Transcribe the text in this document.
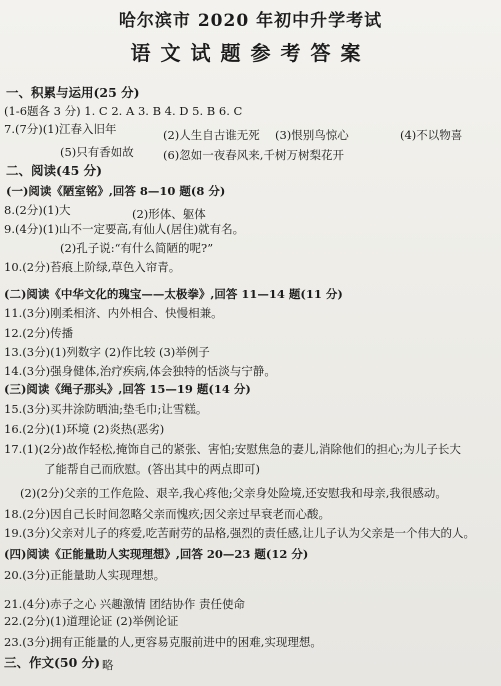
哈尔滨市 2020 年初中升学考试
语文试题参考答案
一、积累与运用(25 分)
(1-6题各 3 分) 1. C 2. A 3. B 4. D 5. B 6. C
7.(7分)(1)江春入旧年	(2)人生自古谁无死 (3)恨别鸟惊心	(4)不以物喜
(5)只有香如故	(6)忽如一夜春风来,千树万树梨花开
二、阅读(45 分)
(一)阅读《陋室铭》,回答 8—10 题(8 分)
8.(2分)(1)大	(2)形体、躯体
9.(4分)(1)山不一定要高,有仙人(居住)就有名。
(2)孔子说:“有什么简陋的呢?”
10.(2分)苔痕上阶绿,草色入帘青。
(二)阅读《中华文化的瑰宝——太极拳》,回答 11—14 题(11 分)
11.(3分)刚柔相济、内外相合、快慢相兼。
12.(2分)传播
13.(3分)(1)列数字 (2)作比较 (3)举例子
14.(3分)强身健体,治疗疾病,体会独特的恬淡与宁静。
(三)阅读《绳子那头》,回答 15—19 题(14 分)
15.(3分)买井涂防晒油;垫毛巾;让雪糕。
16.(2分)(1)环境 (2)炎热(恶劣)
17.(1)(2分)故作轻松,掩饰自己的紧张、害怕;安慰焦急的妻儿,消除他们的担心;为儿子长大
了能帮自己而欣慰。(答出其中的两点即可)
(2)(2分)父亲的工作危险、艰辛,我心疼他;父亲身处险境,还安慰我和母亲,我很感动。
18.(2分)因自己长时间忽略父亲而愧疚;因父亲过早衰老而心酸。
19.(3分)父亲对儿子的疼爱,吃苦耐劳的品格,强烈的责任感,让儿子认为父亲是一个伟大的人。
(四)阅读《正能量助人实现理想》,回答 20—23 题(12 分)
20.(3分)正能量助人实现理想。
21.(4分)赤子之心 兴趣激情 团结协作 责任使命
22.(2分)(1)道理论证 (2)举例论证
23.(3分)拥有正能量的人,更容易克服前进中的困难,实现理想。
三、作文(50 分) 略
